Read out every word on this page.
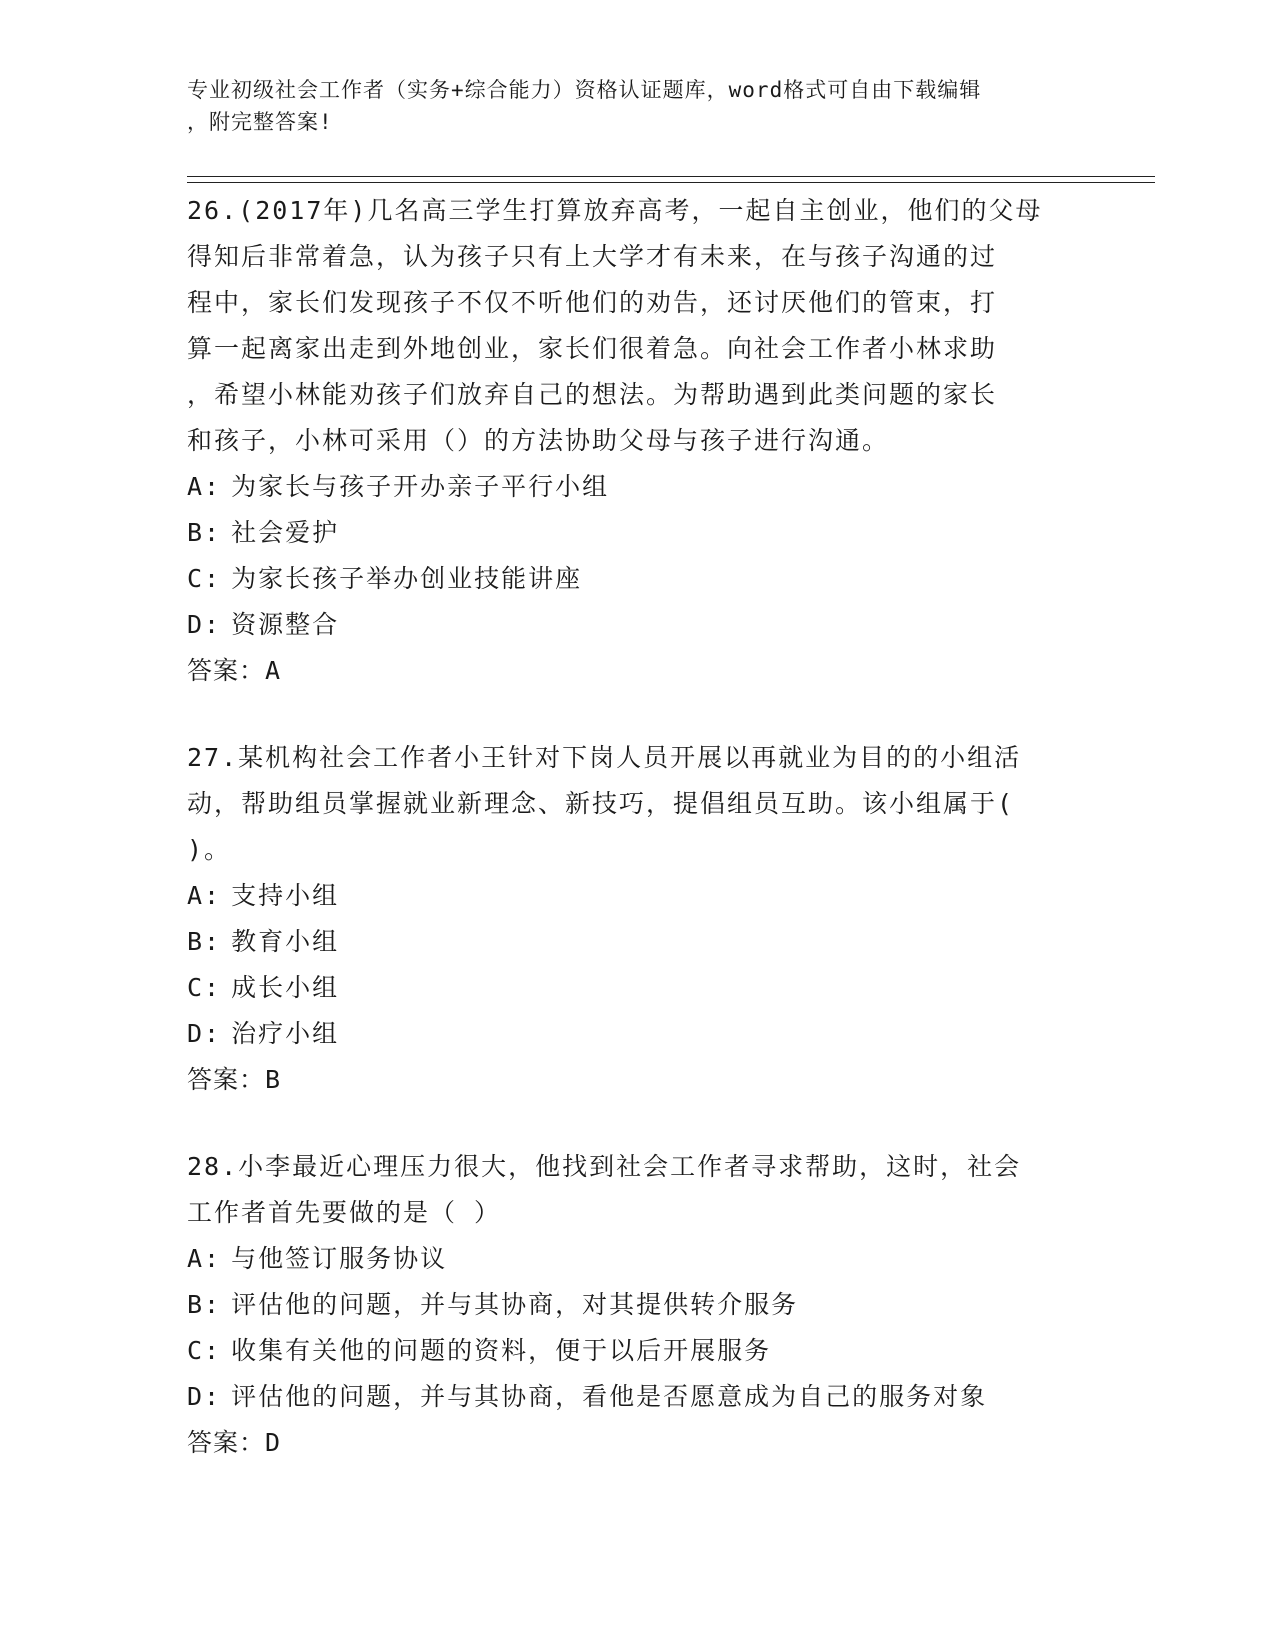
专业初级社会工作者（实务+综合能力）资格认证题库，word格式可自由下载编辑
，附完整答案!
26.(2017年)几名高三学生打算放弃高考，一起自主创业，他们的父母
得知后非常着急，认为孩子只有上大学才有未来，在与孩子沟通的过
程中，家长们发现孩子不仅不听他们的劝告，还讨厌他们的管束，打
算一起离家出走到外地创业，家长们很着急。向社会工作者小林求助
，希望小林能劝孩子们放弃自己的想法。为帮助遇到此类问题的家长
和孩子，小林可采用（）的方法协助父母与孩子进行沟通。
A: 为家长与孩子开办亲子平行小组
B: 社会爱护
C: 为家长孩子举办创业技能讲座
D: 资源整合
答案：A
27.某机构社会工作者小王针对下岗人员开展以再就业为目的的小组活
动，帮助组员掌握就业新理念、新技巧，提倡组员互助。该小组属于(
)。
A: 支持小组
B: 教育小组
C: 成长小组
D: 治疗小组
答案：B
28.小李最近心理压力很大，他找到社会工作者寻求帮助，这时，社会
工作者首先要做的是（ ）
A: 与他签订服务协议
B: 评估他的问题，并与其协商，对其提供转介服务
C: 收集有关他的问题的资料，便于以后开展服务
D: 评估他的问题，并与其协商，看他是否愿意成为自己的服务对象
答案：D
